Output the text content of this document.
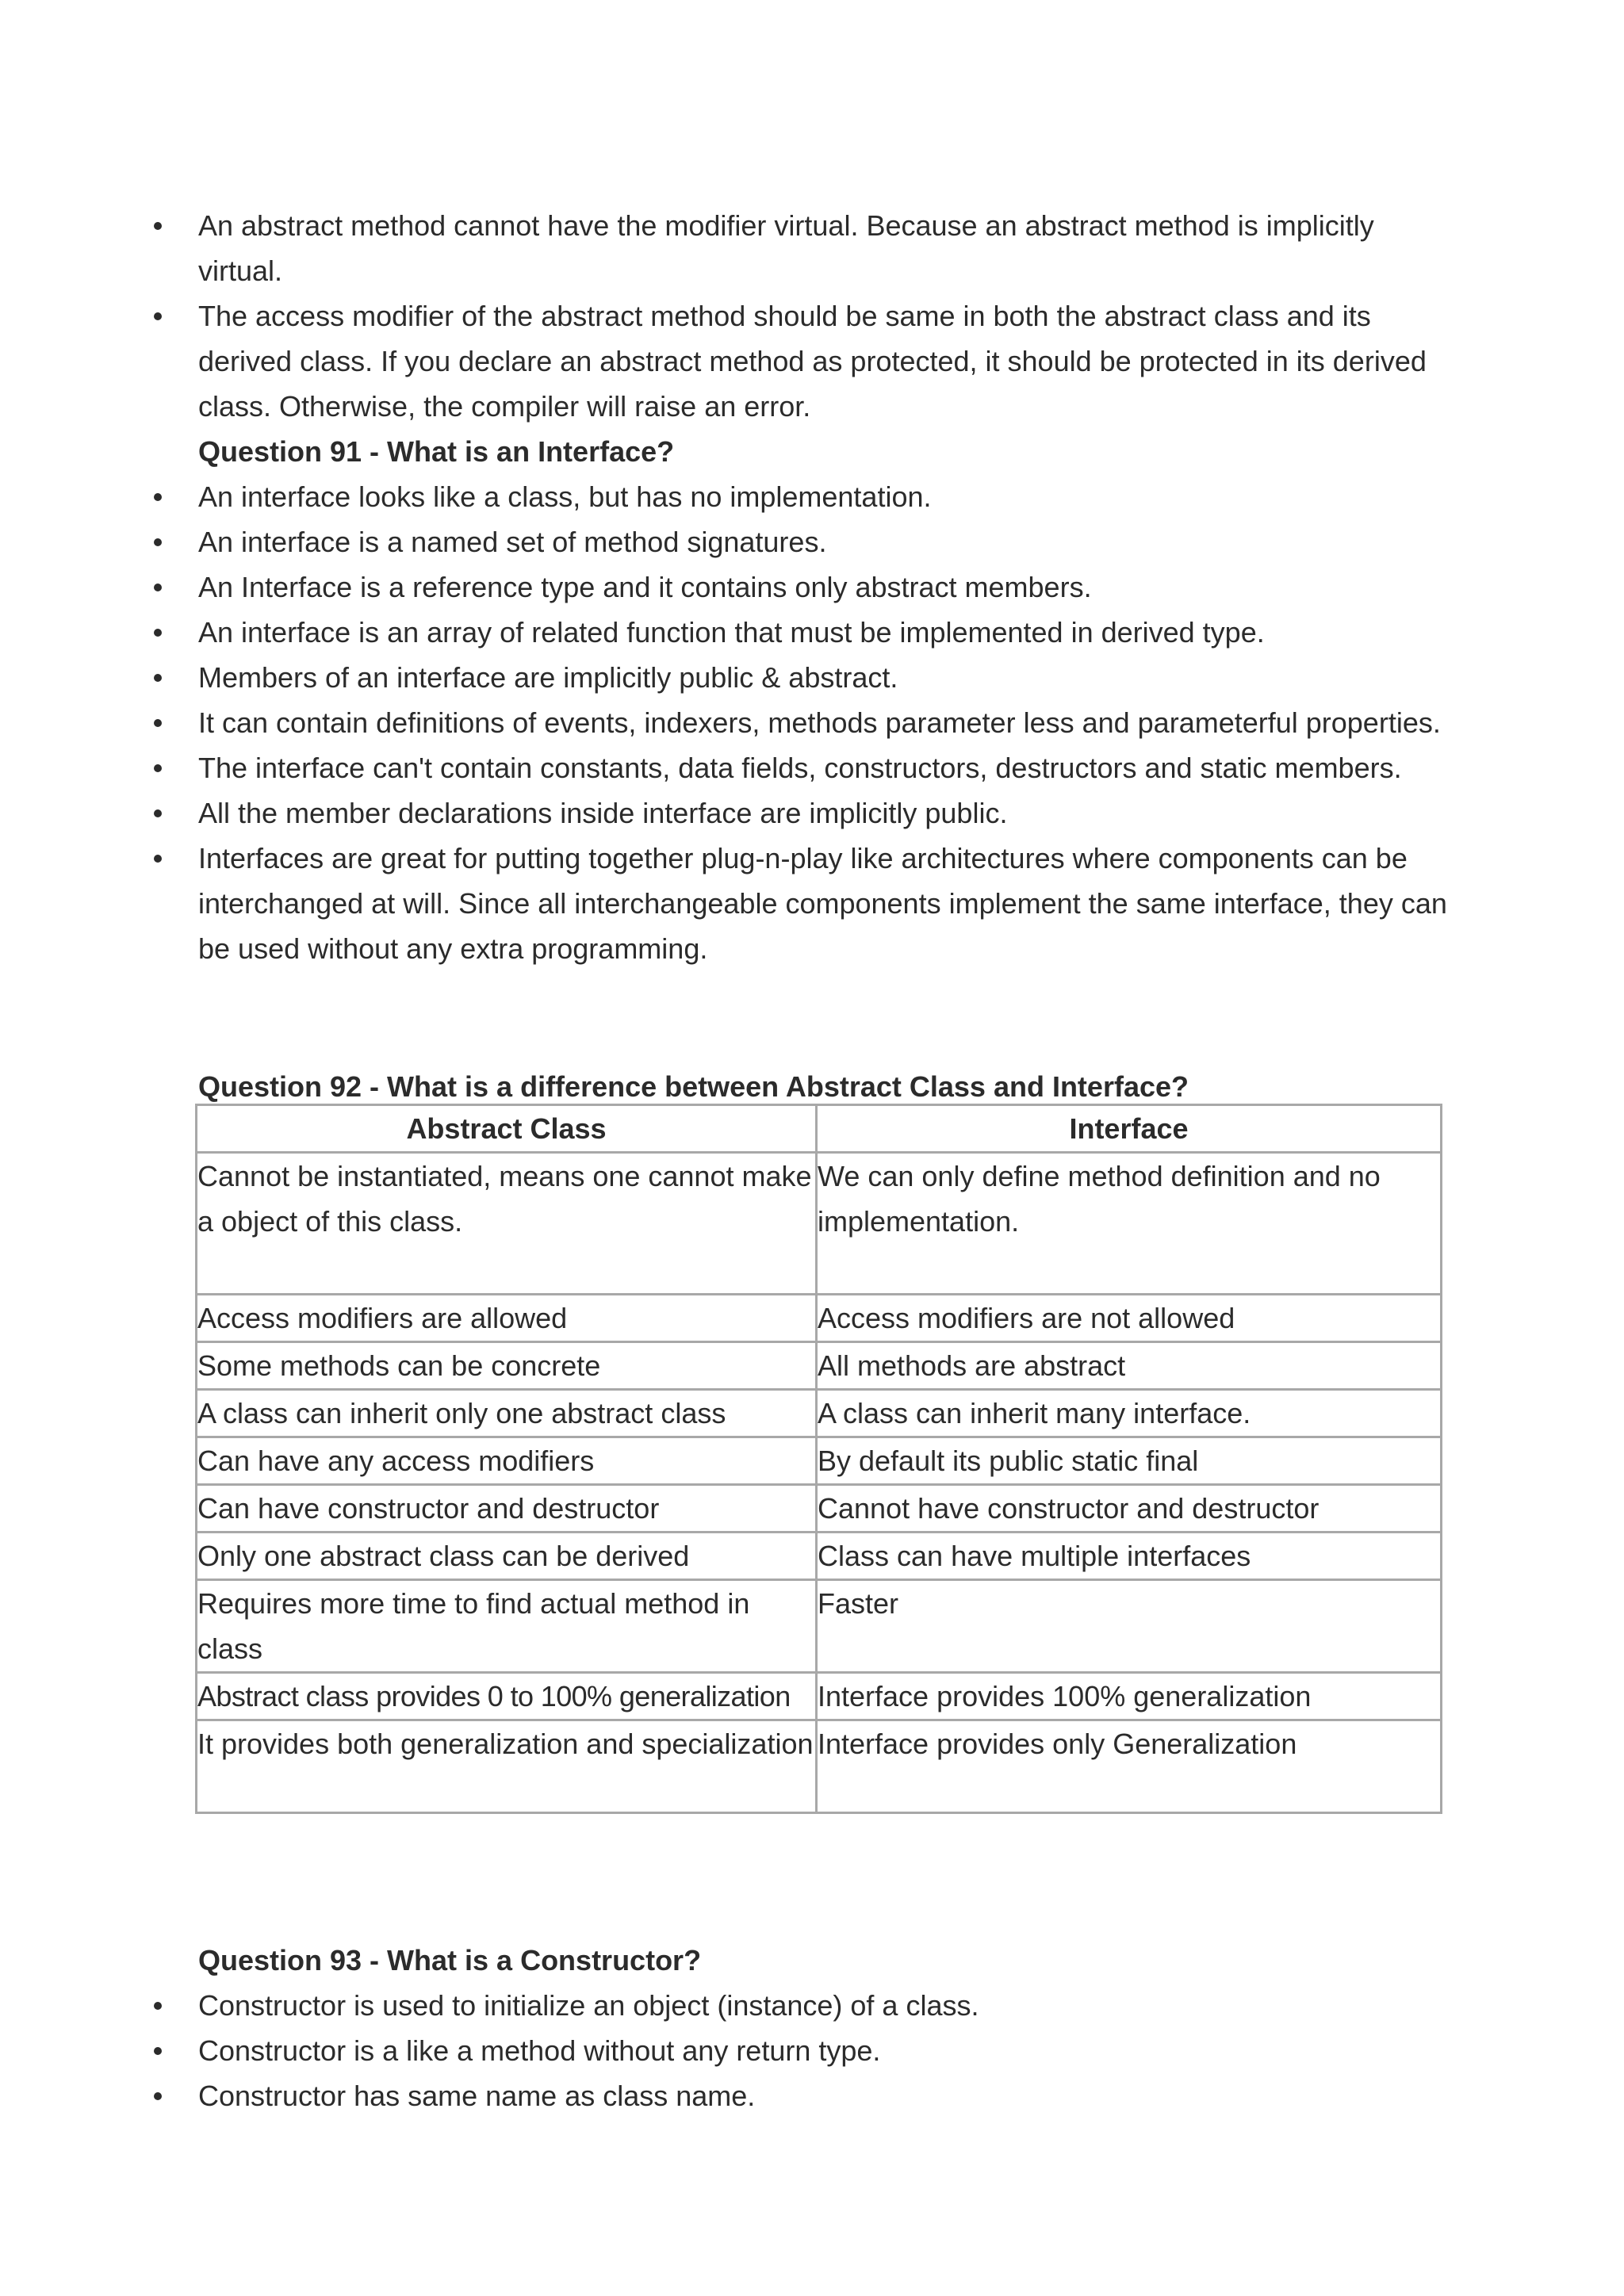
An abstract method cannot have the modifier virtual. Because an abstract method is implicitly virtual.
The access modifier of the abstract method should be same in both the abstract class and its derived class. If you declare an abstract method as protected, it should be protected in its derived class. Otherwise, the compiler will raise an error.

Question 91 - What is an Interface?

An interface looks like a class, but has no implementation.
An interface is a named set of method signatures.
An Interface is a reference type and it contains only abstract members.
An interface is an array of related function that must be implemented in derived type.
Members of an interface are implicitly public & abstract.
It can contain definitions of events, indexers, methods parameter less and parameterful properties.
The interface can't contain constants, data fields, constructors, destructors and static members.
All the member declarations inside interface are implicitly public.
Interfaces are great for putting together plug-n-play like architectures where components can be interchanged at will. Since all interchangeable components implement the same interface, they can be used without any extra programming.

Question 92 - What is a difference between Abstract Class and Interface?

Abstract Class	Interface
Cannot be instantiated, means one cannot make a object of this class.	We can only define method definition and no implementation.
Access modifiers are allowed	Access modifiers are not allowed
Some methods can be concrete	All methods are abstract
A class can inherit only one abstract class	A class can inherit many interface.
Can have any access modifiers	By default its public static final
Can have constructor and destructor	Cannot have constructor and destructor
Only one abstract class can be derived	Class can have multiple interfaces
Requires more time to find actual method in class	Faster
Abstract class provides 0 to 100% generalization	Interface provides 100% generalization
It provides both generalization and specialization	Interface provides only Generalization

Question 93 - What is a Constructor?

Constructor is used to initialize an object (instance) of a class.
Constructor is a like a method without any return type.
Constructor has same name as class name.
